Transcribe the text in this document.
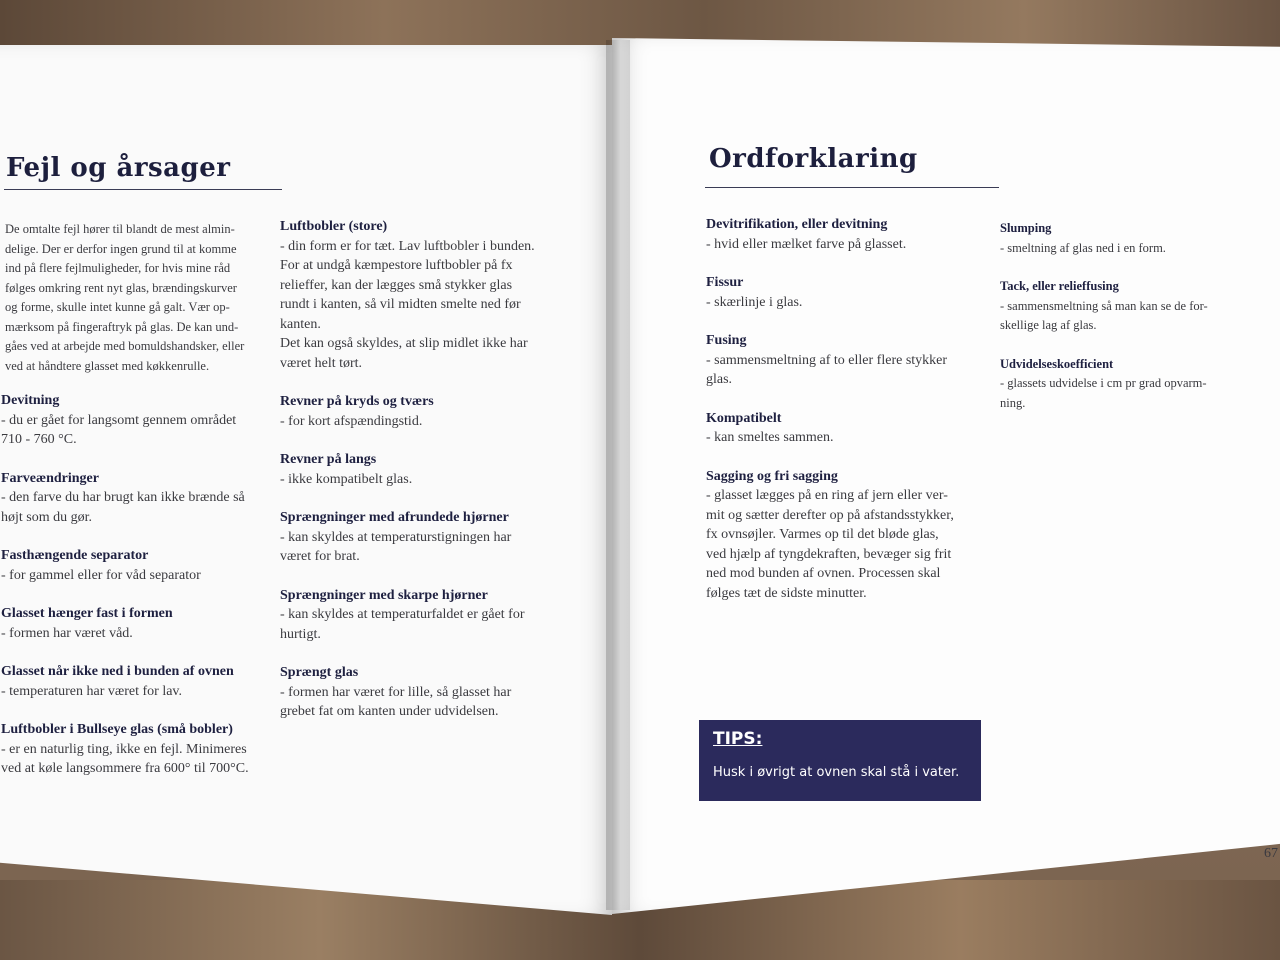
Fejl og årsager
De omtalte fejl hører til blandt de mest almin-
delige. Der er derfor ingen grund til at komme
ind på flere fejlmuligheder, for hvis mine råd
følges omkring rent nyt glas, brændingskurver
og forme, skulle intet kunne gå galt. Vær op-
mærksom på fingeraftryk på glas. De kan und-
gåes ved at arbejde med bomuldshandsker, eller
ved at håndtere glasset med køkkenrulle.
Devitning
- du er gået for langsomt gennem området
710 - 760 °C.
Farveændringer
- den farve du har brugt kan ikke brænde så
højt som du gør.
Fasthængende separator
- for gammel eller for våd separator
Glasset hænger fast i formen
- formen har været våd.
Glasset når ikke ned i bunden af ovnen
- temperaturen har været for lav.
Luftbobler i Bullseye glas (små bobler)
- er en naturlig ting, ikke en fejl. Minimeres
ved at køle langsommere fra 600° til 700°C.
Luftbobler (store)
- din form er for tæt. Lav luftbobler i bunden.
For at undgå kæmpestore luftbobler på fx
relieffer, kan der lægges små stykker glas
rundt i kanten, så vil midten smelte ned før
kanten.
Det kan også skyldes, at slip midlet ikke har
været helt tørt.
Revner på kryds og tværs
- for kort afspændingstid.
Revner på langs
- ikke kompatibelt glas.
Sprængninger med afrundede hjørner
- kan skyldes at temperaturstigningen har
været for brat.
Sprængninger med skarpe hjørner
- kan skyldes at temperaturfaldet er gået for
hurtigt.
Sprængt glas
- formen har været for lille, så glasset har
grebet fat om kanten under udvidelsen.
Ordforklaring
Devitrifikation, eller devitning
- hvid eller mælket farve på glasset.
Fissur
- skærlinje i glas.
Fusing
- sammensmeltning af to eller flere stykker
glas.
Kompatibelt
- kan smeltes sammen.
Sagging og fri sagging
- glasset lægges på en ring af jern eller ver-
mit og sætter derefter op på afstandsstykker,
fx ovnsøjler. Varmes op til det bløde glas,
ved hjælp af tyngdekraften, bevæger sig frit
ned mod bunden af ovnen. Processen skal
følges tæt de sidste minutter.
Slumping
- smeltning af glas ned i en form.
Tack, eller relieffusing
- sammensmeltning så man kan se de for-
skellige lag af glas.
Udvidelseskoefficient
- glassets udvidelse i cm pr grad opvarm-
ning.
TIPS:
Husk i øvrigt at ovnen skal stå i vater.
67
